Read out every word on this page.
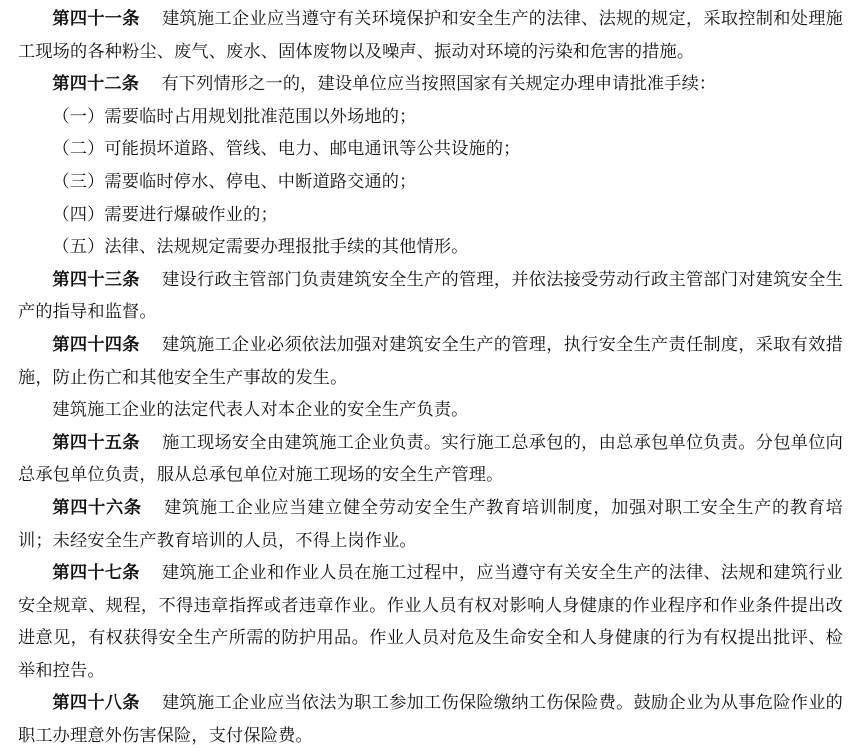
第四十一条 建筑施工企业应当遵守有关环境保护和安全生产的法律、法规的规定，采取控制和处理施工现场的各种粉尘、废气、废水、固体废物以及噪声、振动对环境的污染和危害的措施。

第四十二条 有下列情形之一的，建设单位应当按照国家有关规定办理申请批准手续：

（一）需要临时占用规划批准范围以外场地的；

（二）可能损坏道路、管线、电力、邮电通讯等公共设施的；

（三）需要临时停水、停电、中断道路交通的；

（四）需要进行爆破作业的；

（五）法律、法规规定需要办理报批手续的其他情形。

第四十三条 建设行政主管部门负责建筑安全生产的管理，并依法接受劳动行政主管部门对建筑安全生产的指导和监督。

第四十四条 建筑施工企业必须依法加强对建筑安全生产的管理，执行安全生产责任制度，采取有效措施，防止伤亡和其他安全生产事故的发生。

建筑施工企业的法定代表人对本企业的安全生产负责。

第四十五条 施工现场安全由建筑施工企业负责。实行施工总承包的，由总承包单位负责。分包单位向总承包单位负责，服从总承包单位对施工现场的安全生产管理。

第四十六条 建筑施工企业应当建立健全劳动安全生产教育培训制度，加强对职工安全生产的教育培训；未经安全生产教育培训的人员，不得上岗作业。

第四十七条 建筑施工企业和作业人员在施工过程中，应当遵守有关安全生产的法律、法规和建筑行业安全规章、规程，不得违章指挥或者违章作业。作业人员有权对影响人身健康的作业程序和作业条件提出改进意见，有权获得安全生产所需的防护用品。作业人员对危及生命安全和人身健康的行为有权提出批评、检举和控告。

第四十八条 建筑施工企业应当依法为职工参加工伤保险缴纳工伤保险费。鼓励企业为从事危险作业的职工办理意外伤害保险，支付保险费。
